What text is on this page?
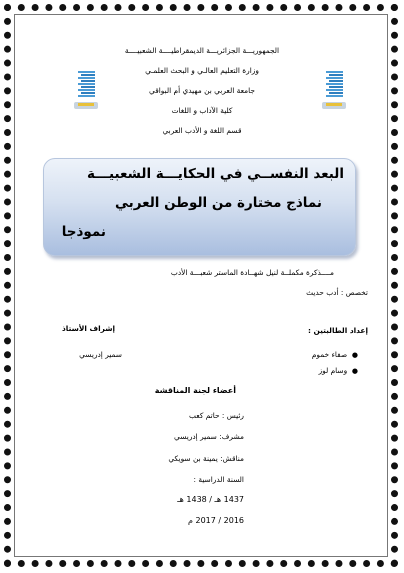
الجمهوريـــة الجزائريـــة الديمقراطيــــة الشعبيــــة
وزارة التعليم العالـي و البحث العلمـي
جامعة العربي بن مهيدي أم البواقي
كلية الآداب و اللغات
قسم اللغة و الأدب العربي
البعد النفســي في الحكايـــة الشعبيـــة
نماذج مختارة من الوطن العربي
نموذجا
مــــذكرة مكملــة لنيل شهــادة الماستر شعبـــة الأدب
تخصص : أدب حديث
إعداد الطالبتين :
إشراف الأستاذ
●  صفاء خموم
●  وسام لوز
سمير إدريسي
أعضاء لجنة المناقشة
رئيس : حاتم كعب
مشرف: سمير إدريسي
مناقش: يمينة بن سويكي
السنة الدراسية :
1437 هـ / 1438 هـ
2016 / 2017 م
